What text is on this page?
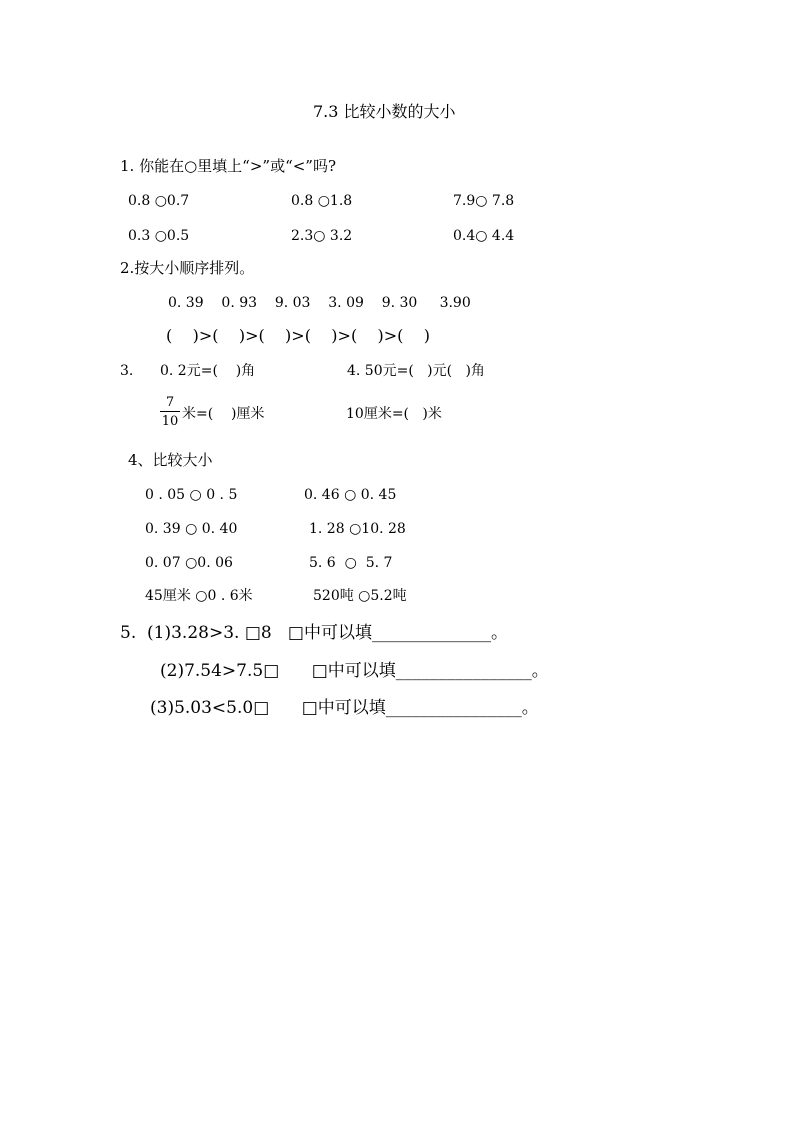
7.3 比较小数的大小
1. 你能在○里填上“>”或“<”吗?
0.8 ○0.7	0.8 ○1.8	7.9○ 7.8
0.3 ○0.5	2.3○ 3.2	0.4○ 4.4
2.按大小顺序排列。
0. 39    0. 93    9. 03    3. 09    9. 30     3.90
(    )>(    )>(    )>(    )>(    )>(    )
3. 0. 2元=(    )角	4. 50元=(   )元(   )角
7
10 米=(    )厘米	10厘米=(   )米
4、比较大小
0 . 05 ○ 0 . 5	0. 46 ○ 0. 45
0. 39 ○ 0. 40	1. 28 ○10. 28
0. 07 ○0. 06	5. 6  ○  5. 7
45厘米 ○0 . 6米	520吨 ○5.2吨
5.  (1)3.28>3. □8   □中可以填______________。
(2)7.54>7.5□      □中可以填________________。
(3)5.03<5.0□      □中可以填________________。
